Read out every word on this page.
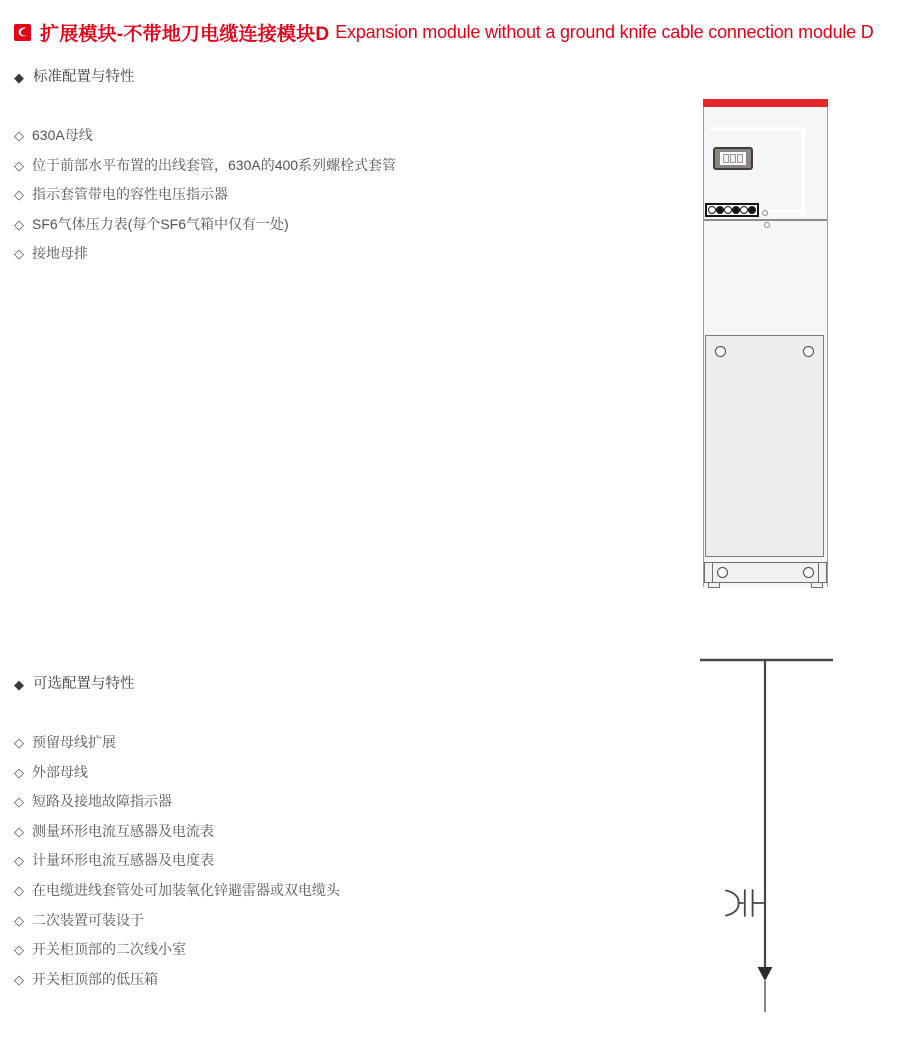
扩展模块-不带地刀电缆连接模块D Expansion module without a ground knife cable connection module D
◆ 标准配置与特性
◇ 630A母线
◇ 位于前部水平布置的出线套管，630A的400系列螺栓式套管
◇ 指示套管带电的容性电压指示器
◇ SF6气体压力表(每个SF6气箱中仅有一处)
◇ 接地母排
◆ 可选配置与特性
◇ 预留母线扩展
◇ 外部母线
◇ 短路及接地故障指示器
◇ 测量环形电流互感器及电流表
◇ 计量环形电流互感器及电度表
◇ 在电缆进线套管处可加装氧化锌避雷器或双电缆头
◇ 二次装置可装设于
◇ 开关柜顶部的二次线小室
◇ 开关柜顶部的低压箱
